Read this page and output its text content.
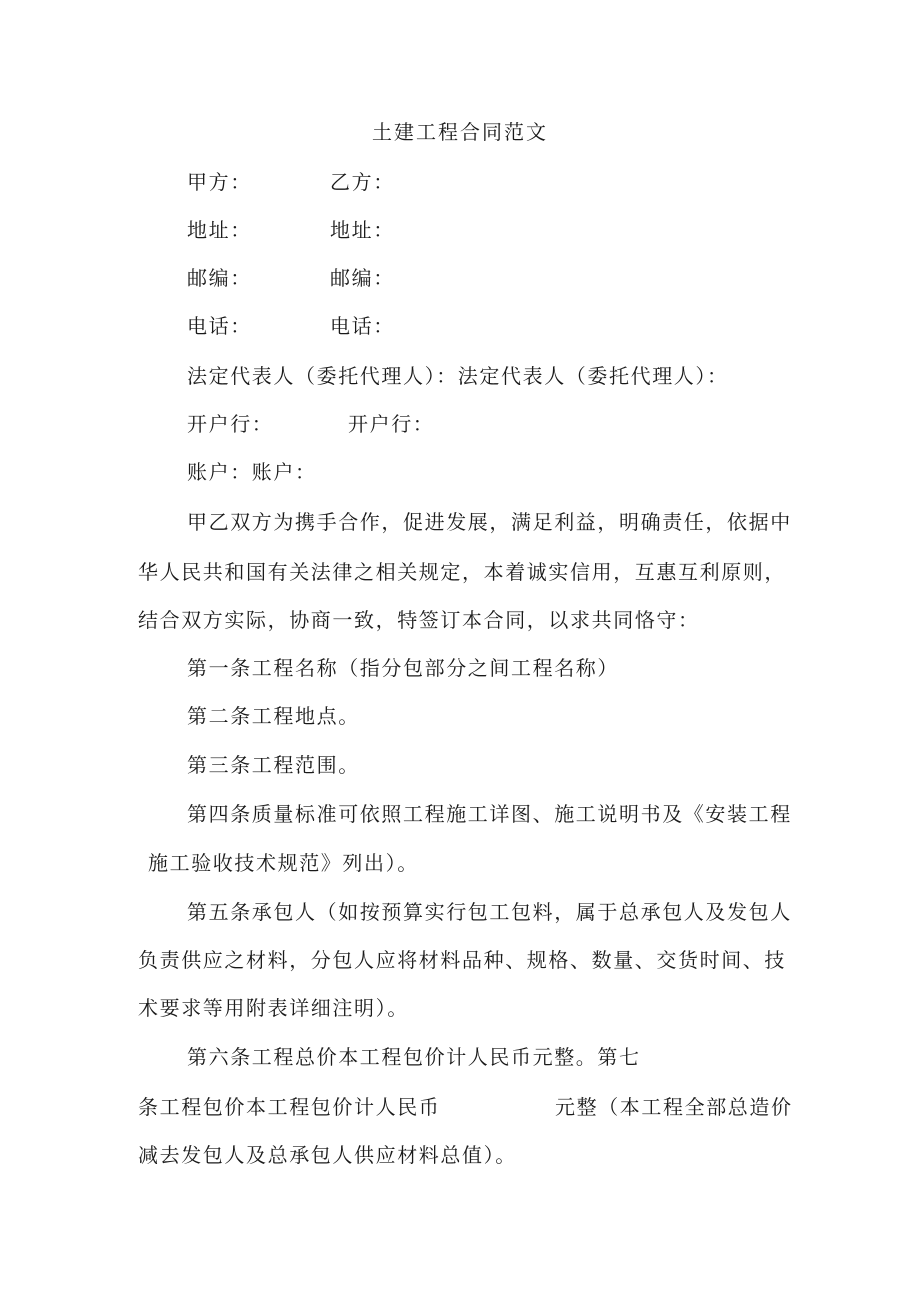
土建工程合同范文
甲方：	乙方：
地址：	地址：
邮编：	邮编：
电话：	电话：
法定代表人（委托代理人）：法定代表人（委托代理人）：
开户行：	开户行：
账户：账户：
甲乙双方为携手合作，促进发展，满足利益，明确责任，依据中
华人民共和国有关法律之相关规定，本着诚实信用，互惠互利原则，
结合双方实际，协商一致，特签订本合同，以求共同恪守：
第一条工程名称（指分包部分之间工程名称）
第二条工程地点。
第三条工程范围。
第四条质量标准可依照工程施工详图、施工说明书及《安装工程
施工验收技术规范》列出）。
第五条承包人（如按预算实行包工包料，属于总承包人及发包人
负责供应之材料，分包人应将材料品种、规格、数量、交货时间、技
术要求等用附表详细注明）。
第六条工程总价本工程包价计人民币元整。第七
条工程包价本工程包价计人民币	元整（本工程全部总造价
减去发包人及总承包人供应材料总值）。
